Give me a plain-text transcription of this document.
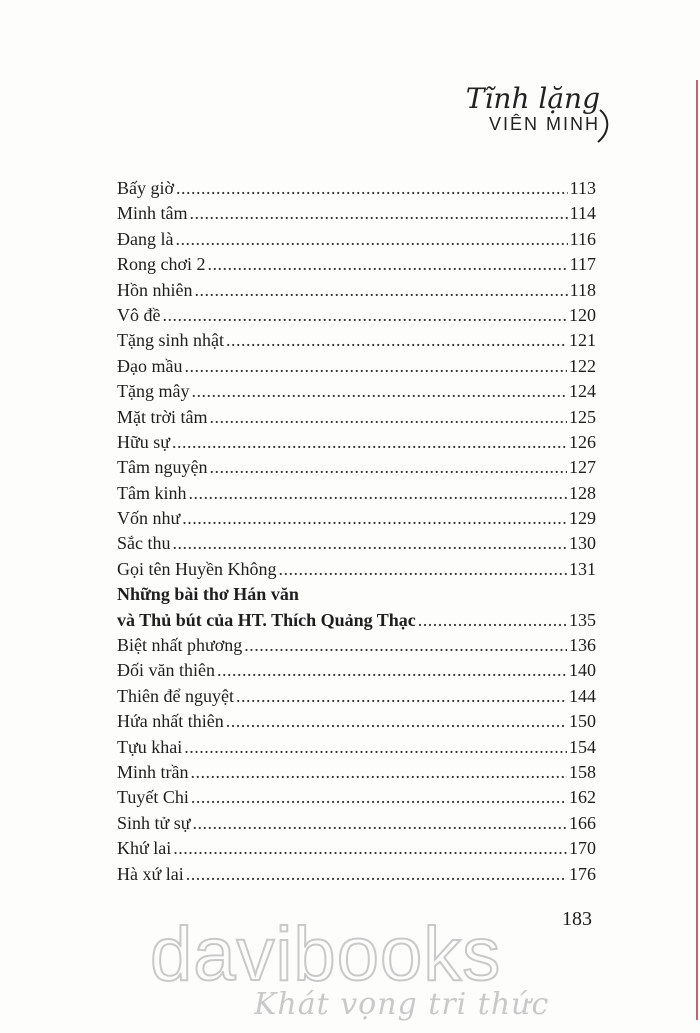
Tĩnh lặng
VIÊN MINH
Bấy giờ .....	113
Minh tâm .....	114
Đang là .....	116
Rong chơi 2 .....	117
Hồn nhiên .....	118
Vô đề .....	120
Tặng sinh nhật .....	121
Đạo mầu .....	122
Tặng mây .....	124
Mặt trời tâm .....	125
Hữu sự .....	126
Tâm nguyện .....	127
Tâm kinh .....	128
Vốn như .....	129
Sắc thu .....	130
Gọi tên Huyền Không .....	131
Những bài thơ Hán văn
và Thủ bút của HT. Thích Quảng Thạc .....	135
Biệt nhất phương .....	136
Đối văn thiên .....	140
Thiên để nguyệt .....	144
Hứa nhất thiên .....	150
Tựu khai .....	154
Minh trần .....	158
Tuyết Chi .....	162
Sinh tử sự .....	166
Khứ lai .....	170
Hà xứ lai .....	176
183
davibooks
Khát vọng tri thức
